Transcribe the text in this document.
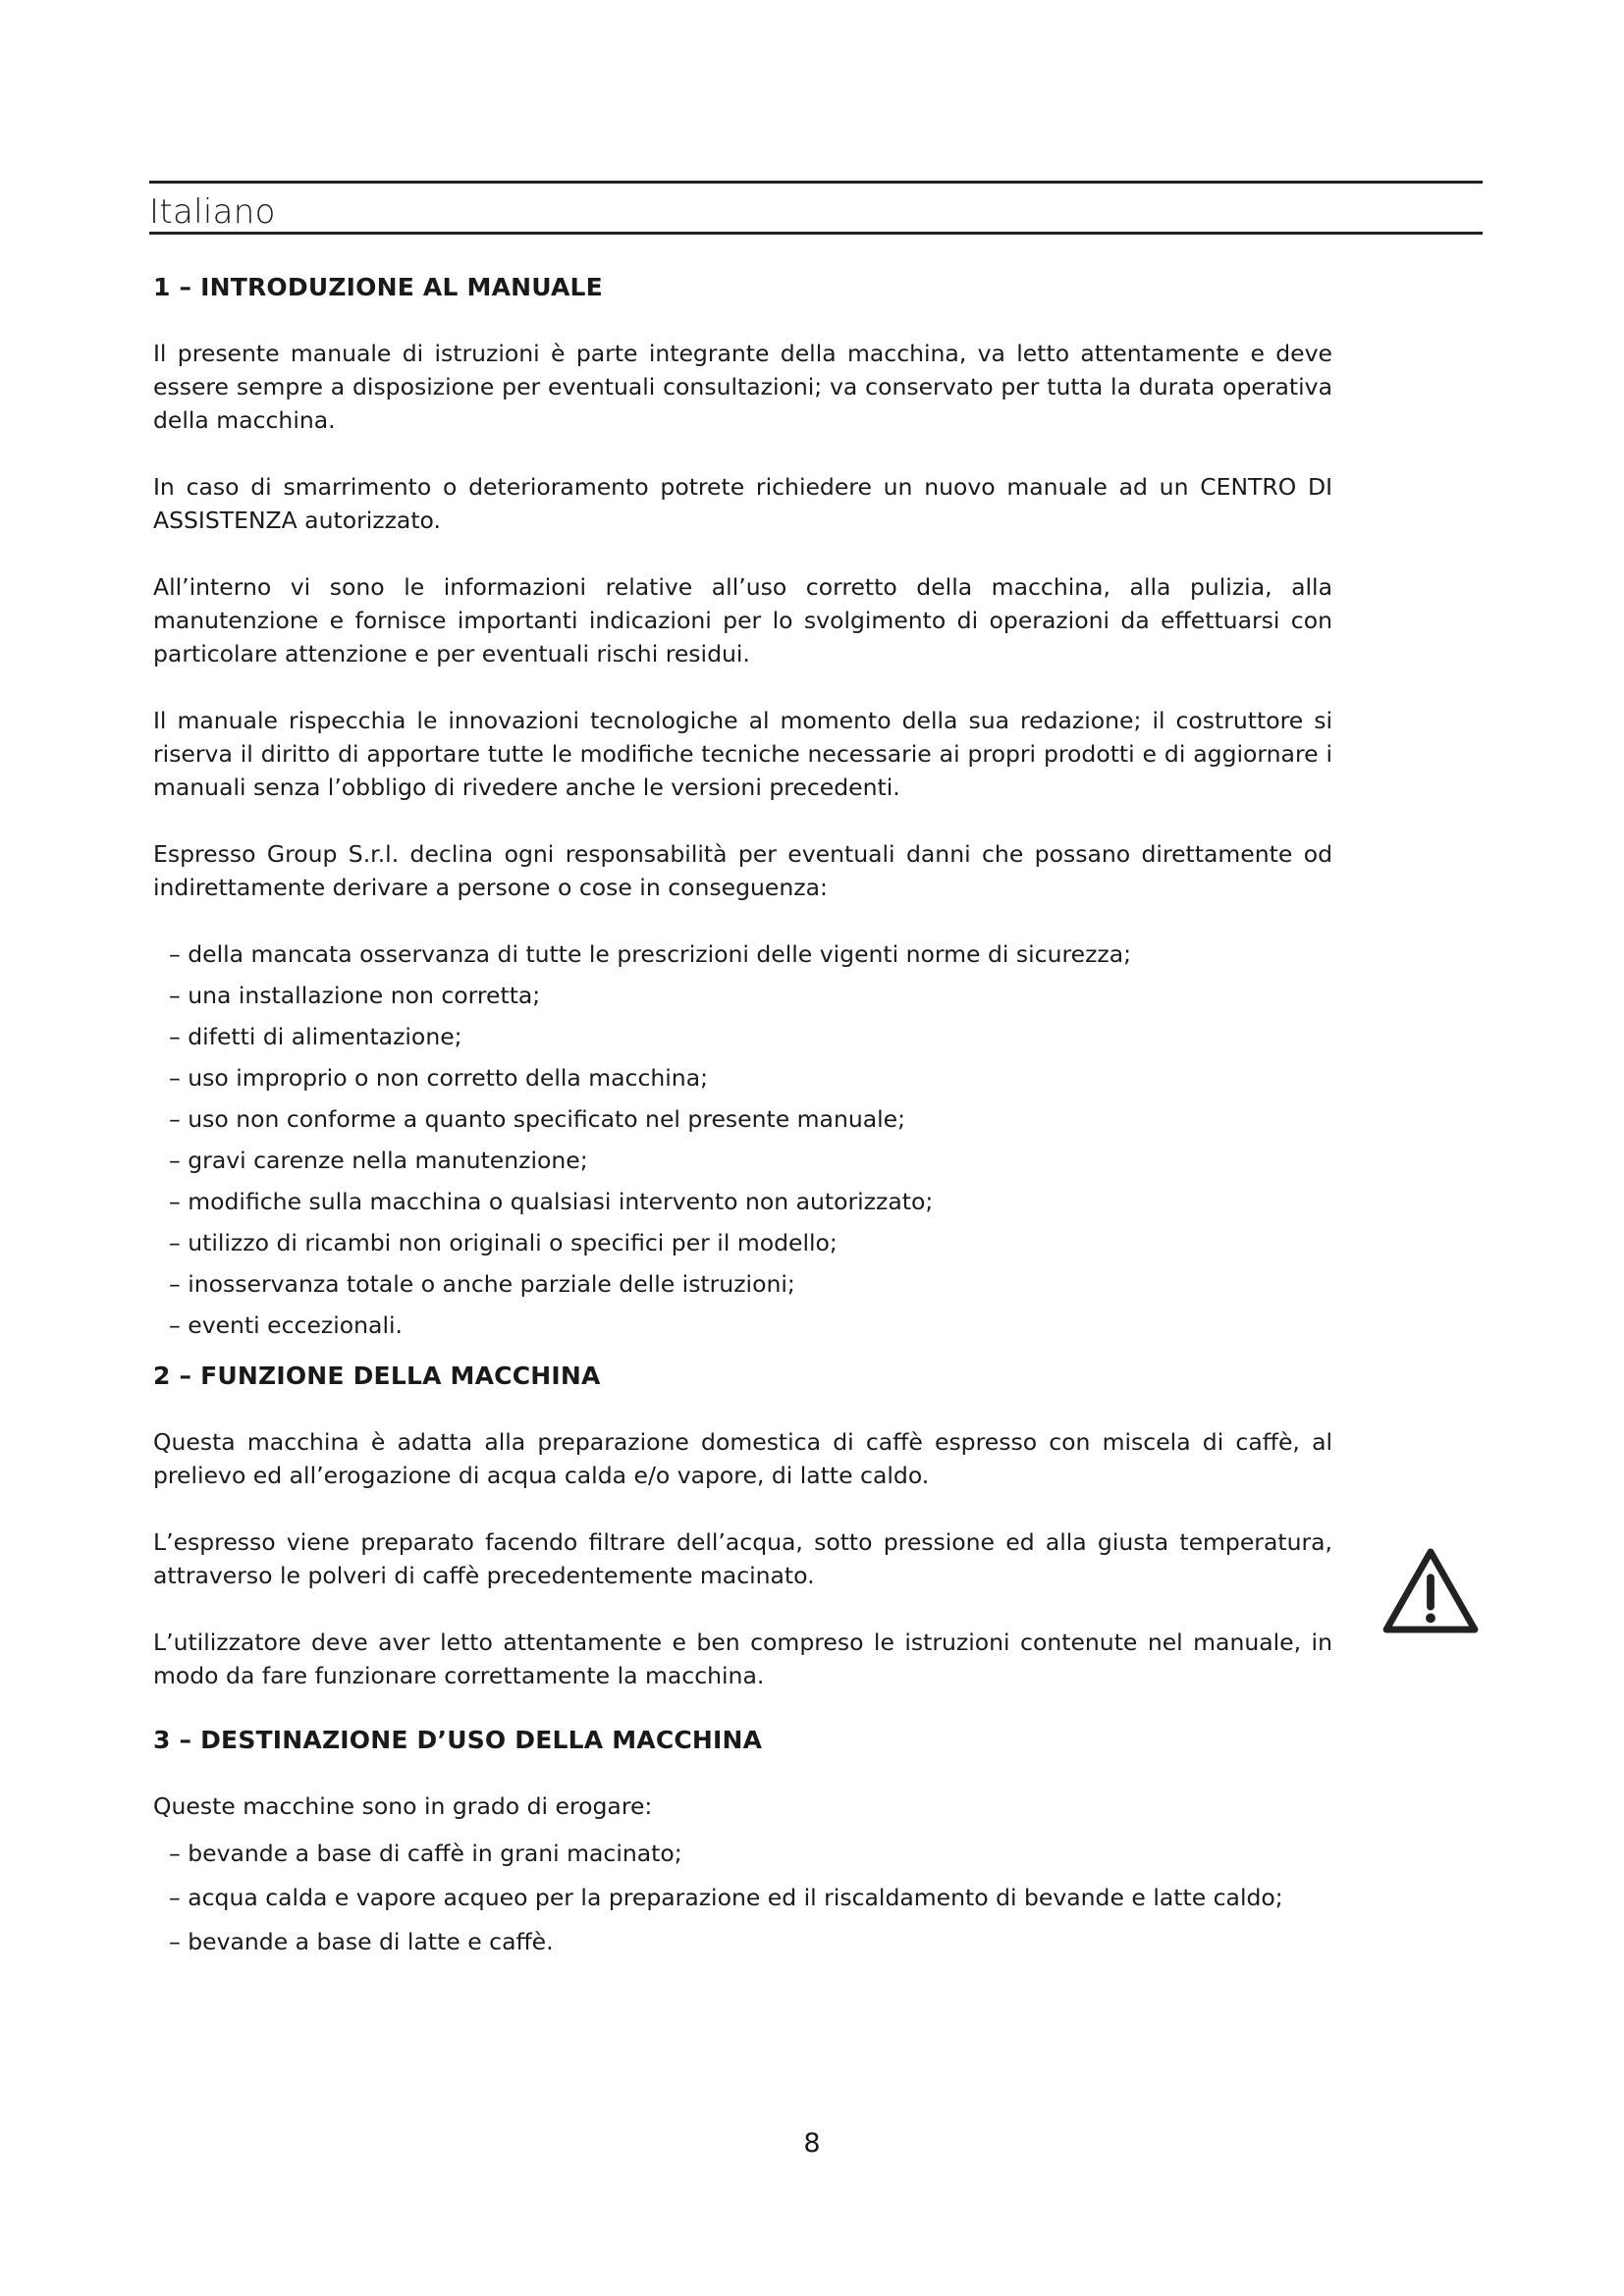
Italiano
1 – INTRODUZIONE AL MANUALE

Il presente manuale di istruzioni è parte integrante della macchina, va letto attentamente e deve essere sempre a disposizione per eventuali consultazioni; va conservato per tutta la durata operativa della macchina.

In caso di smarrimento o deterioramento potrete richiedere un nuovo manuale ad un CENTRO DI ASSISTENZA autorizzato.

All’interno vi sono le informazioni relative all’uso corretto della macchina, alla pulizia, alla manutenzione e fornisce importanti indicazioni per lo svolgimento di operazioni da effettuarsi con particolare attenzione e per eventuali rischi residui.

Il manuale rispecchia le innovazioni tecnologiche al momento della sua redazione; il costruttore si riserva il diritto di apportare tutte le modifiche tecniche necessarie ai propri prodotti e di aggiornare i manuali senza l’obbligo di rivedere anche le versioni precedenti.

Espresso Group S.r.l. declina ogni responsabilità per eventuali danni che possano direttamente od indirettamente derivare a persone o cose in conseguenza:

– della mancata osservanza di tutte le prescrizioni delle vigenti norme di sicurezza;
– una installazione non corretta;
– difetti di alimentazione;
– uso improprio o non corretto della macchina;
– uso non conforme a quanto specificato nel presente manuale;
– gravi carenze nella manutenzione;
– modifiche sulla macchina o qualsiasi intervento non autorizzato;
– utilizzo di ricambi non originali o specifici per il modello;
– inosservanza totale o anche parziale delle istruzioni;
– eventi eccezionali.
2 – FUNZIONE DELLA MACCHINA

Questa macchina è adatta alla preparazione domestica di caffè espresso con miscela di caffè, al prelievo ed all’erogazione di acqua calda e/o vapore, di latte caldo.

L’espresso viene preparato facendo filtrare dell’acqua, sotto pressione ed alla giusta temperatura, attraverso le polveri di caffè precedentemente macinato.

L’utilizzatore deve aver letto attentamente e ben compreso le istruzioni contenute nel manuale, in modo da fare funzionare correttamente la macchina.

3 – DESTINAZIONE D’USO DELLA MACCHINA

Queste macchine sono in grado di erogare:

– bevande a base di caffè in grani macinato;
– acqua calda e vapore acqueo per la preparazione ed il riscaldamento di bevande e latte caldo;
– bevande a base di latte e caffè.
8
